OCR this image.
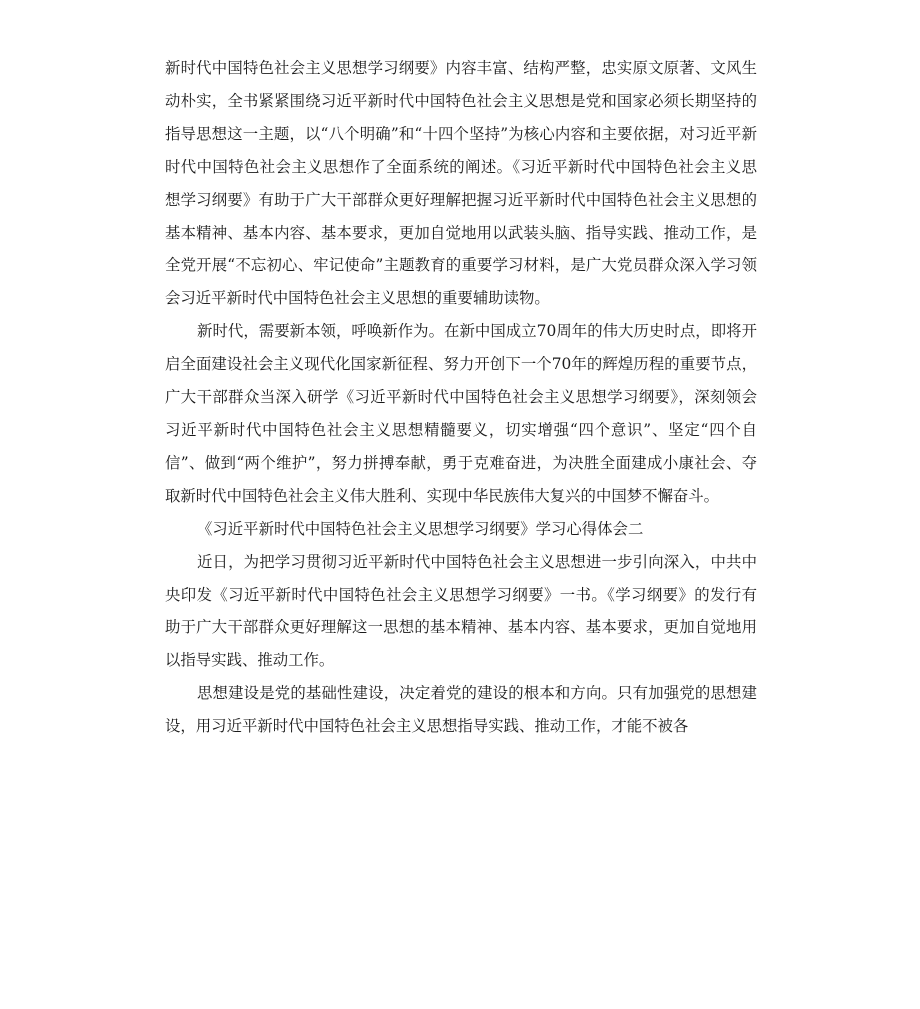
新时代中国特色社会主义思想学习纲要》内容丰富、结构严整，忠实原文原著、文风生动朴实，全书紧紧围绕习近平新时代中国特色社会主义思想是党和国家必须长期坚持的指导思想这一主题，以“八个明确”和“十四个坚持”为核心内容和主要依据，对习近平新时代中国特色社会主义思想作了全面系统的阐述。《习近平新时代中国特色社会主义思想学习纲要》有助于广大干部群众更好理解把握习近平新时代中国特色社会主义思想的基本精神、基本内容、基本要求，更加自觉地用以武装头脑、指导实践、推动工作，是全党开展“不忘初心、牢记使命”主题教育的重要学习材料，是广大党员群众深入学习领会习近平新时代中国特色社会主义思想的重要辅助读物。

新时代，需要新本领，呼唤新作为。在新中国成立70周年的伟大历史时点，即将开启全面建设社会主义现代化国家新征程、努力开创下一个70年的辉煌历程的重要节点，广大干部群众当深入研学《习近平新时代中国特色社会主义思想学习纲要》，深刻领会习近平新时代中国特色社会主义思想精髓要义，切实增强“四个意识”、坚定“四个自信”、做到“两个维护”，努力拼搏奉献，勇于克难奋进，为决胜全面建成小康社会、夺取新时代中国特色社会主义伟大胜利、实现中华民族伟大复兴的中国梦不懈奋斗。

《习近平新时代中国特色社会主义思想学习纲要》学习心得体会二

近日，为把学习贯彻习近平新时代中国特色社会主义思想进一步引向深入，中共中央印发《习近平新时代中国特色社会主义思想学习纲要》一书。《学习纲要》的发行有助于广大干部群众更好理解这一思想的基本精神、基本内容、基本要求，更加自觉地用以指导实践、推动工作。

思想建设是党的基础性建设，决定着党的建设的根本和方向。只有加强党的思想建设，用习近平新时代中国特色社会主义思想指导实践、推动工作，才能不被各
